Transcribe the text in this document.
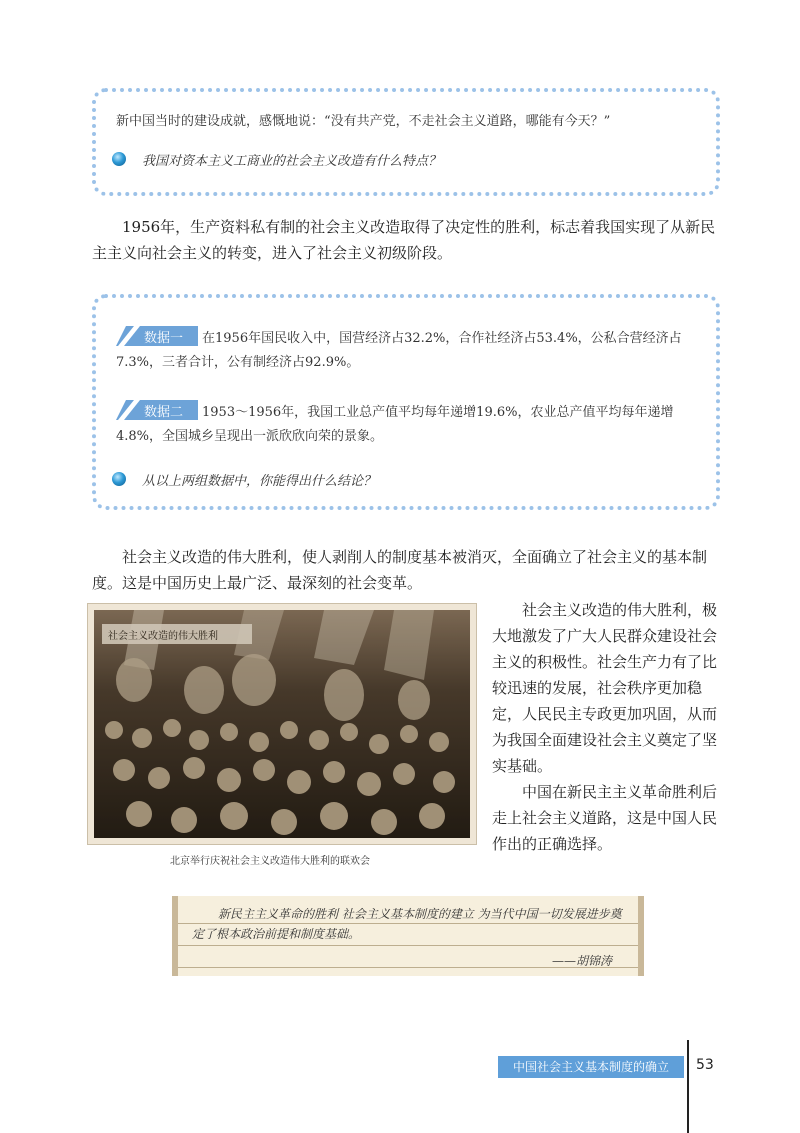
新中国当时的建设成就，感慨地说：“没有共产党，不走社会主义道路，哪能有今天？”
我国对资本主义工商业的社会主义改造有什么特点？
1956年，生产资料私有制的社会主义改造取得了决定性的胜利，标志着我国实现了从新民主主义向社会主义的转变，进入了社会主义初级阶段。
数据一 在1956年国民收入中，国营经济占32.2%，合作社经济占53.4%，公私合营经济占7.3%，三者合计，公有制经济占92.9%。
数据二 1953～1956年，我国工业总产值平均每年递增19.6%，农业总产值平均每年递增4.8%，全国城乡呈现出一派欣欣向荣的景象。
从以上两组数据中，你能得出什么结论？
社会主义改造的伟大胜利，使人剥削人的制度基本被消灭，全面确立了社会主义的基本制度。这是中国历史上最广泛、最深刻的社会变革。
社会主义改造的伟大胜利
北京举行庆祝社会主义改造伟大胜利的联欢会

社会主义改造的伟大胜利，极大地激发了广大人民群众建设社会主义的积极性。社会生产力有了比较迅速的发展，社会秩序更加稳定，人民民主专政更加巩固，从而为我国全面建设社会主义奠定了坚实基础。

中国在新民主主义革命胜利后走上社会主义道路，这是中国人民作出的正确选择。

新民主主义革命的胜利 社会主义基本制度的建立 为当代中国一切发展进步奠定了根本政治前提和制度基础。
——胡锦涛
中国社会主义基本制度的确立	53
